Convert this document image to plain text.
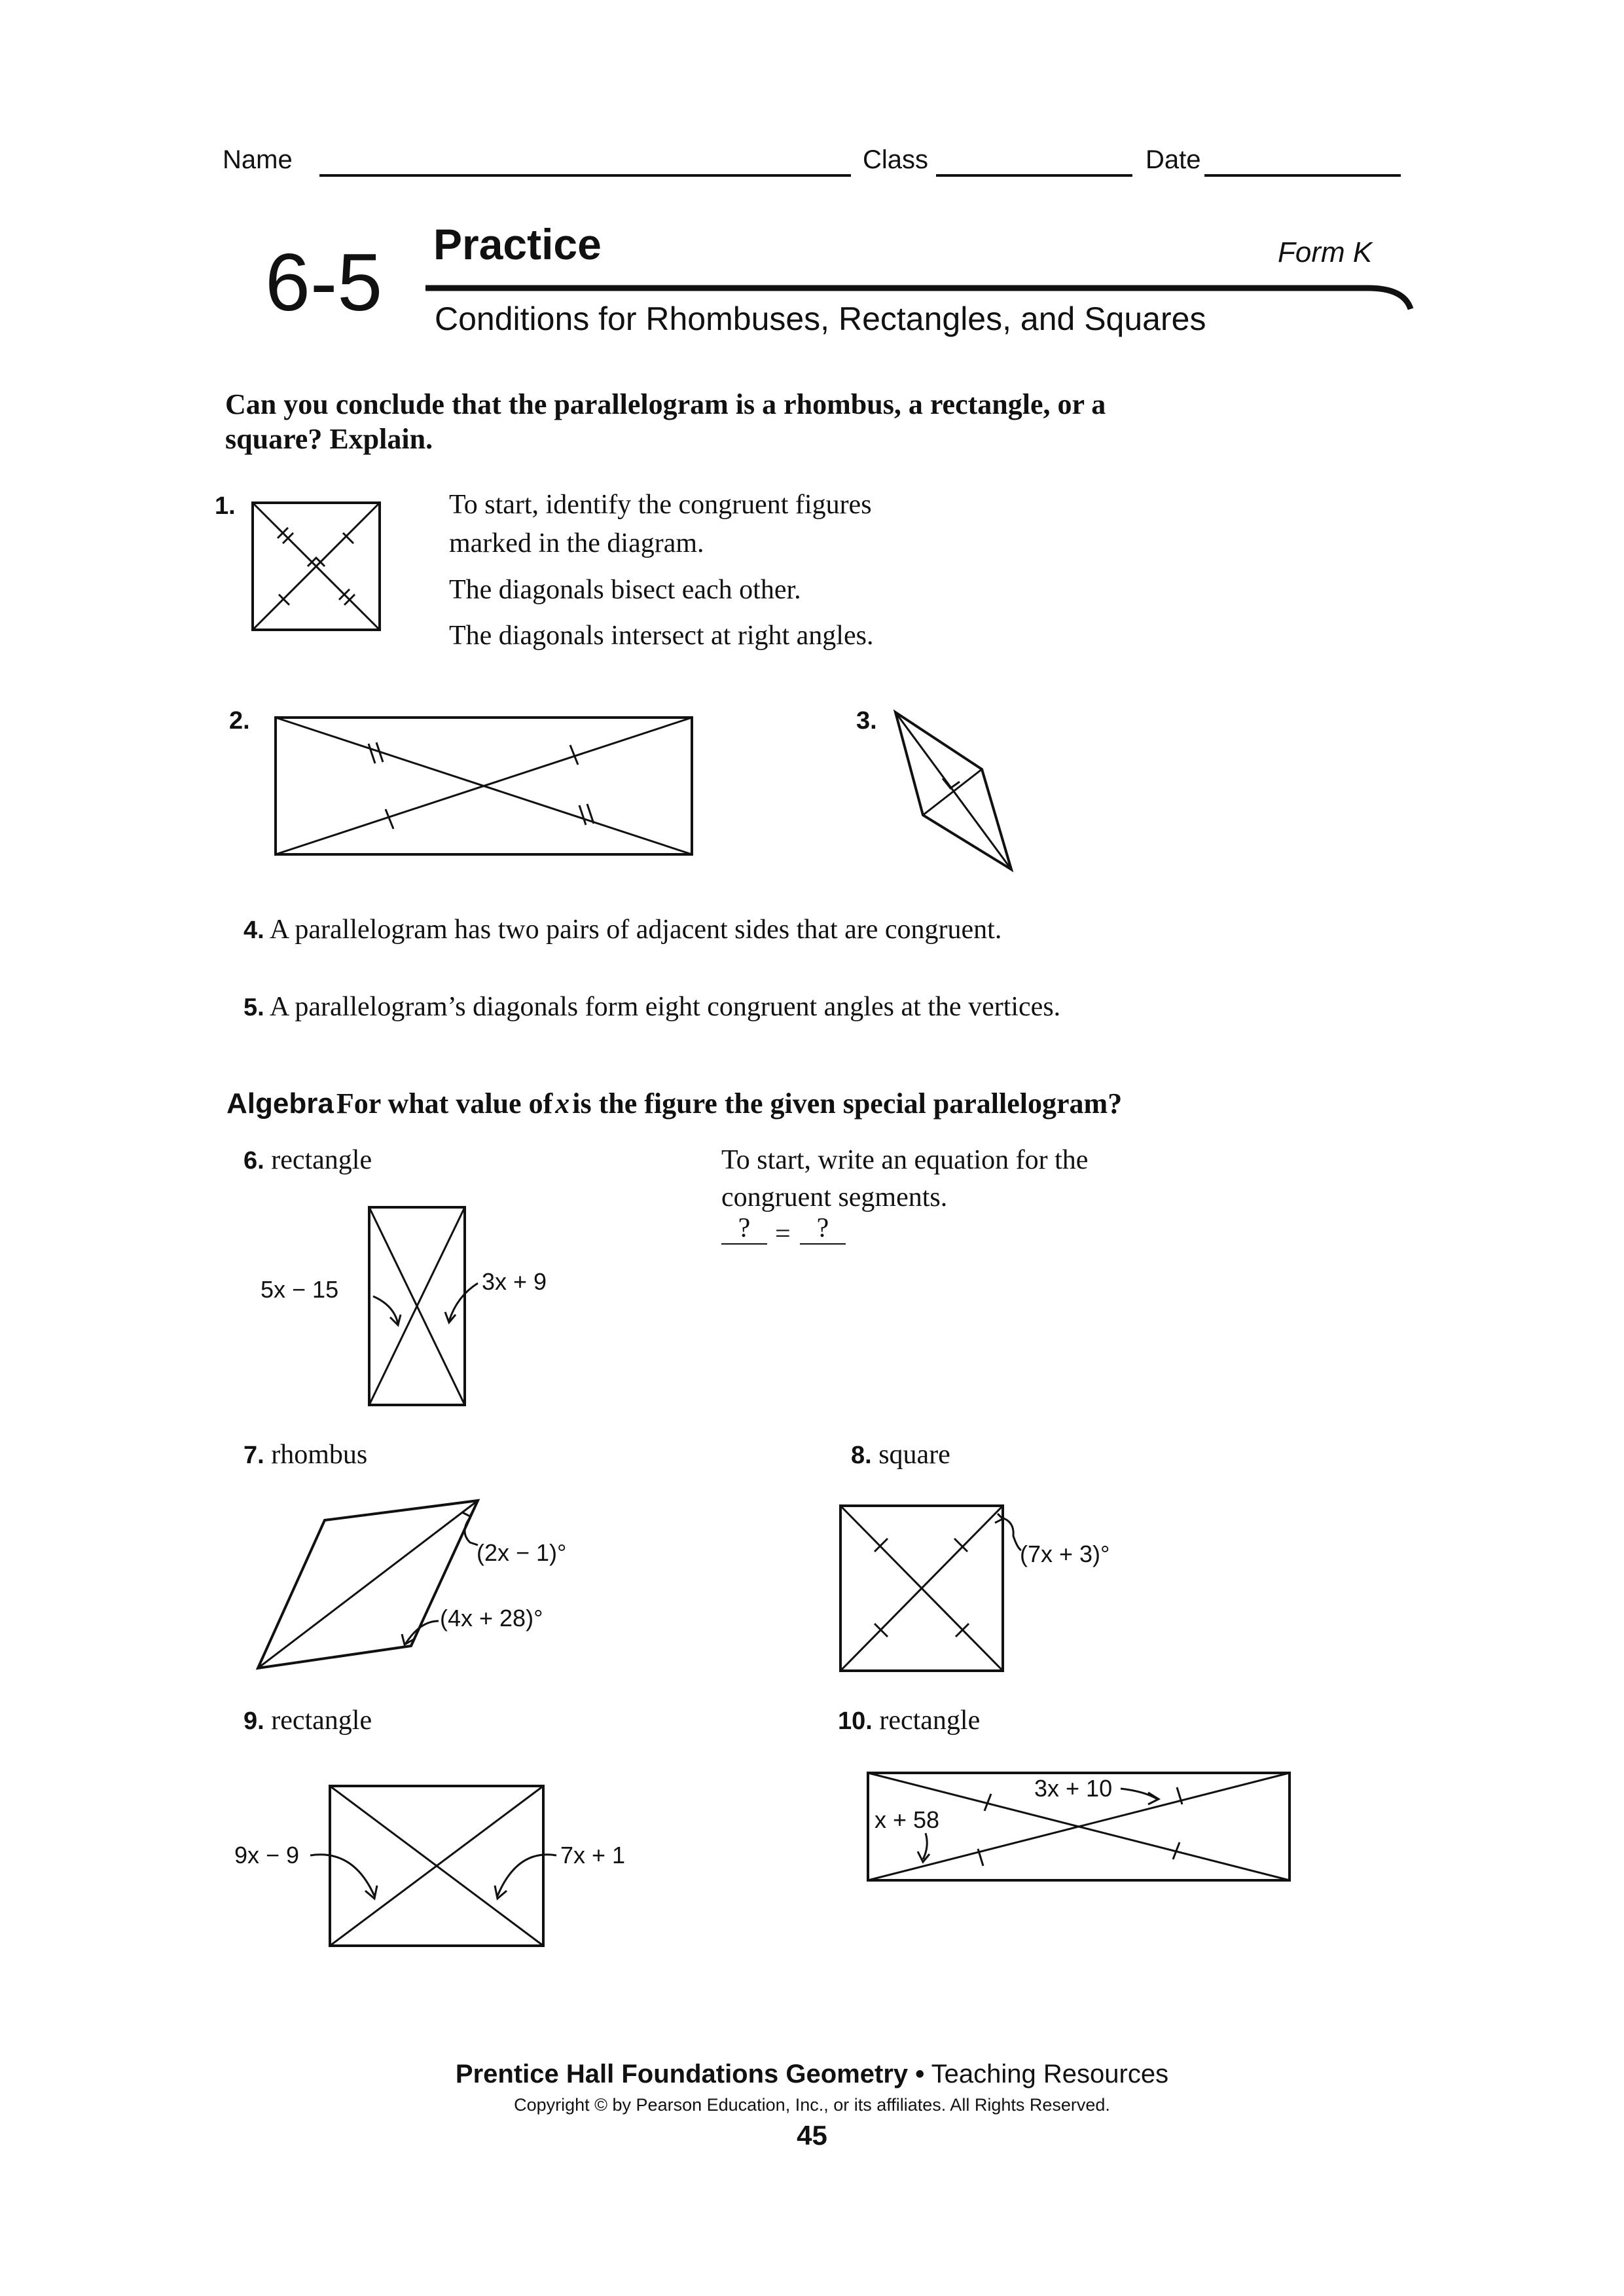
Name	Class	Date
6-5 Practice	Form K
Conditions for Rhombuses, Rectangles, and Squares
Can you conclude that the parallelogram is a rhombus, a rectangle, or a
square? Explain.
1.	To start, identify the congruent figures
marked in the diagram.
The diagonals bisect each other.
The diagonals intersect at right angles.
2.	3.
4. A parallelogram has two pairs of adjacent sides that are congruent.
5. A parallelogram’s diagonals form eight congruent angles at the vertices.
Algebra For what value of x is the figure the given special parallelogram?
6. rectangle
5x − 15	3x + 9
To start, write an equation for the
congruent segments.
? = ?
7. rhombus
(2x − 1)°
(4x + 28)°
8. square
(7x + 3)°
9. rectangle
9x − 9	7x + 1
10. rectangle
3x + 10
x + 58
Prentice Hall Foundations Geometry • Teaching Resources
Copyright © by Pearson Education, Inc., or its affiliates. All Rights Reserved.
45
